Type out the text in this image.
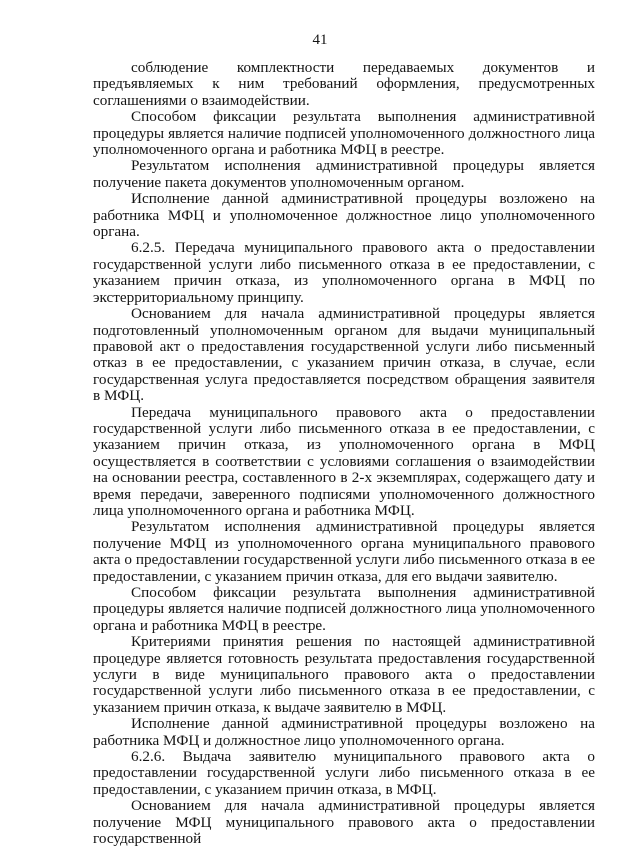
41

соблюдение комплектности передаваемых документов и предъявляемых к ним требований оформления, предусмотренных соглашениями о взаимодействии.

Способом фиксации результата выполнения административной процедуры является наличие подписей уполномоченного должностного лица уполномоченного органа и работника МФЦ в реестре.

Результатом исполнения административной процедуры является получение пакета документов уполномоченным органом.

Исполнение данной административной процедуры возложено на работника МФЦ и уполномоченное должностное лицо уполномоченного органа.

6.2.5. Передача муниципального правового акта о предоставлении государственной услуги либо письменного отказа в ее предоставлении, с указанием причин отказа, из уполномоченного органа в МФЦ по экстерриториальному принципу.

Основанием для начала административной процедуры является подготовленный уполномоченным органом для выдачи муниципальный правовой акт о предоставления государственной услуги либо письменный отказ в ее предоставлении, с указанием причин отказа, в случае, если государственная услуга предоставляется посредством обращения заявителя в МФЦ.

Передача муниципального правового акта о предоставлении государственной услуги либо письменного отказа в ее предоставлении, с указанием причин отказа, из уполномоченного органа в МФЦ осуществляется в соответствии с условиями соглашения о взаимодействии на основании реестра, составленного в 2-х экземплярах, содержащего дату и время передачи, заверенного подписями уполномоченного должностного лица уполномоченного органа и работника МФЦ.

Результатом исполнения административной процедуры является получение МФЦ из уполномоченного органа муниципального правового акта о предоставлении государственной услуги либо письменного отказа в ее предоставлении, с указанием причин отказа, для его выдачи заявителю.

Способом фиксации результата выполнения административной процедуры является наличие подписей должностного лица уполномоченного органа и работника МФЦ в реестре.

Критериями принятия решения по настоящей административной процедуре является готовность результата предоставления государственной услуги в виде муниципального правового акта о предоставлении государственной услуги либо письменного отказа в ее предоставлении, с указанием причин отказа, к выдаче заявителю в МФЦ.

Исполнение данной административной процедуры возложено на работника МФЦ и должностное лицо уполномоченного органа.

6.2.6. Выдача заявителю муниципального правового акта о предоставлении государственной услуги либо письменного отказа в ее предоставлении, с указанием причин отказа, в МФЦ.

Основанием для начала административной процедуры является получение МФЦ муниципального правового акта о предоставлении государственной
